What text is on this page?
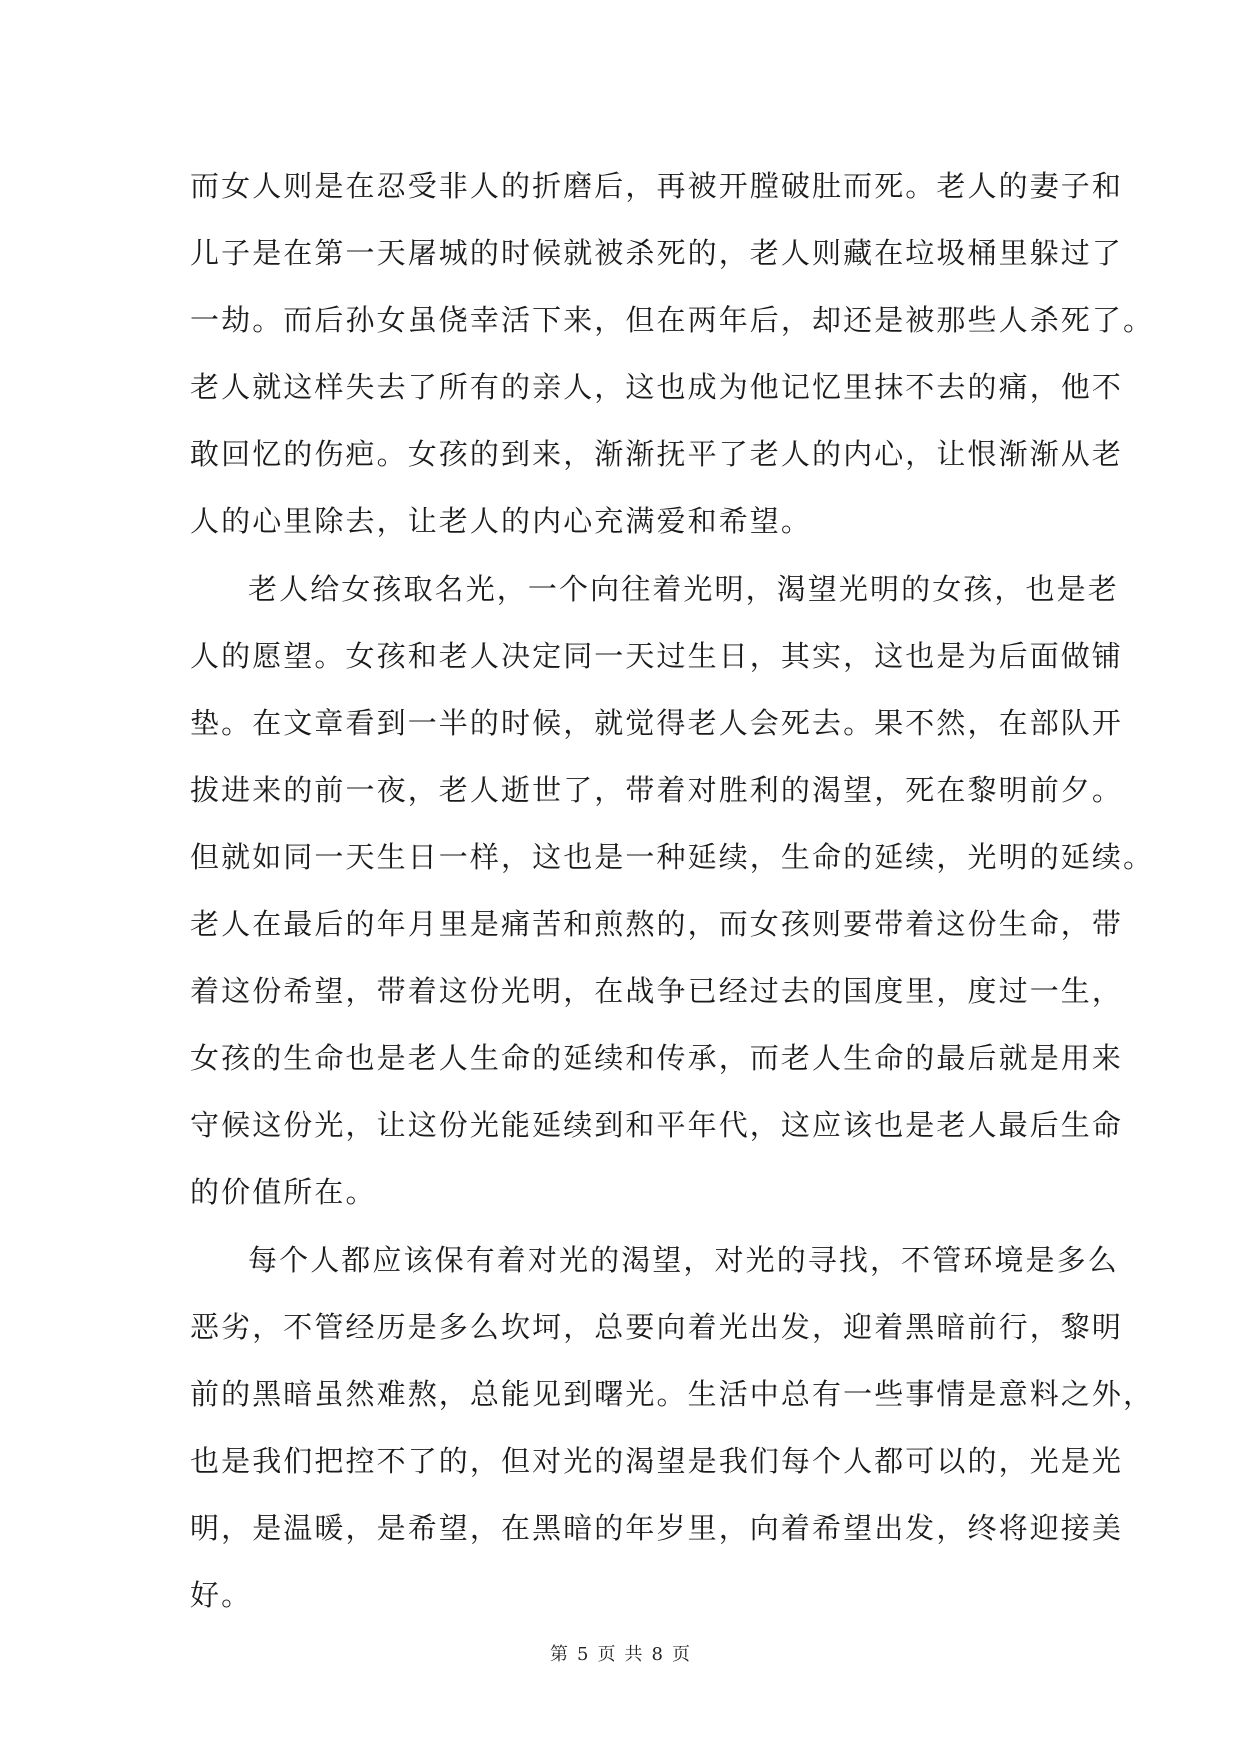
而女人则是在忍受非人的折磨后，再被开膛破肚而死。老人的妻子和
儿子是在第一天屠城的时候就被杀死的，老人则藏在垃圾桶里躲过了
一劫。而后孙女虽侥幸活下来，但在两年后，却还是被那些人杀死了。
老人就这样失去了所有的亲人，这也成为他记忆里抹不去的痛，他不
敢回忆的伤疤。女孩的到来，渐渐抚平了老人的内心，让恨渐渐从老
人的心里除去，让老人的内心充满爱和希望。
老人给女孩取名光，一个向往着光明，渴望光明的女孩，也是老
人的愿望。女孩和老人决定同一天过生日，其实，这也是为后面做铺
垫。在文章看到一半的时候，就觉得老人会死去。果不然，在部队开
拔进来的前一夜，老人逝世了，带着对胜利的渴望，死在黎明前夕。
但就如同一天生日一样，这也是一种延续，生命的延续，光明的延续。
老人在最后的年月里是痛苦和煎熬的，而女孩则要带着这份生命，带
着这份希望，带着这份光明，在战争已经过去的国度里，度过一生，
女孩的生命也是老人生命的延续和传承，而老人生命的最后就是用来
守候这份光，让这份光能延续到和平年代，这应该也是老人最后生命
的价值所在。
每个人都应该保有着对光的渴望，对光的寻找，不管环境是多么
恶劣，不管经历是多么坎坷，总要向着光出发，迎着黑暗前行，黎明
前的黑暗虽然难熬，总能见到曙光。生活中总有一些事情是意料之外，
也是我们把控不了的，但对光的渴望是我们每个人都可以的，光是光
明，是温暖，是希望，在黑暗的年岁里，向着希望出发，终将迎接美
好。
第 5 页 共 8 页
